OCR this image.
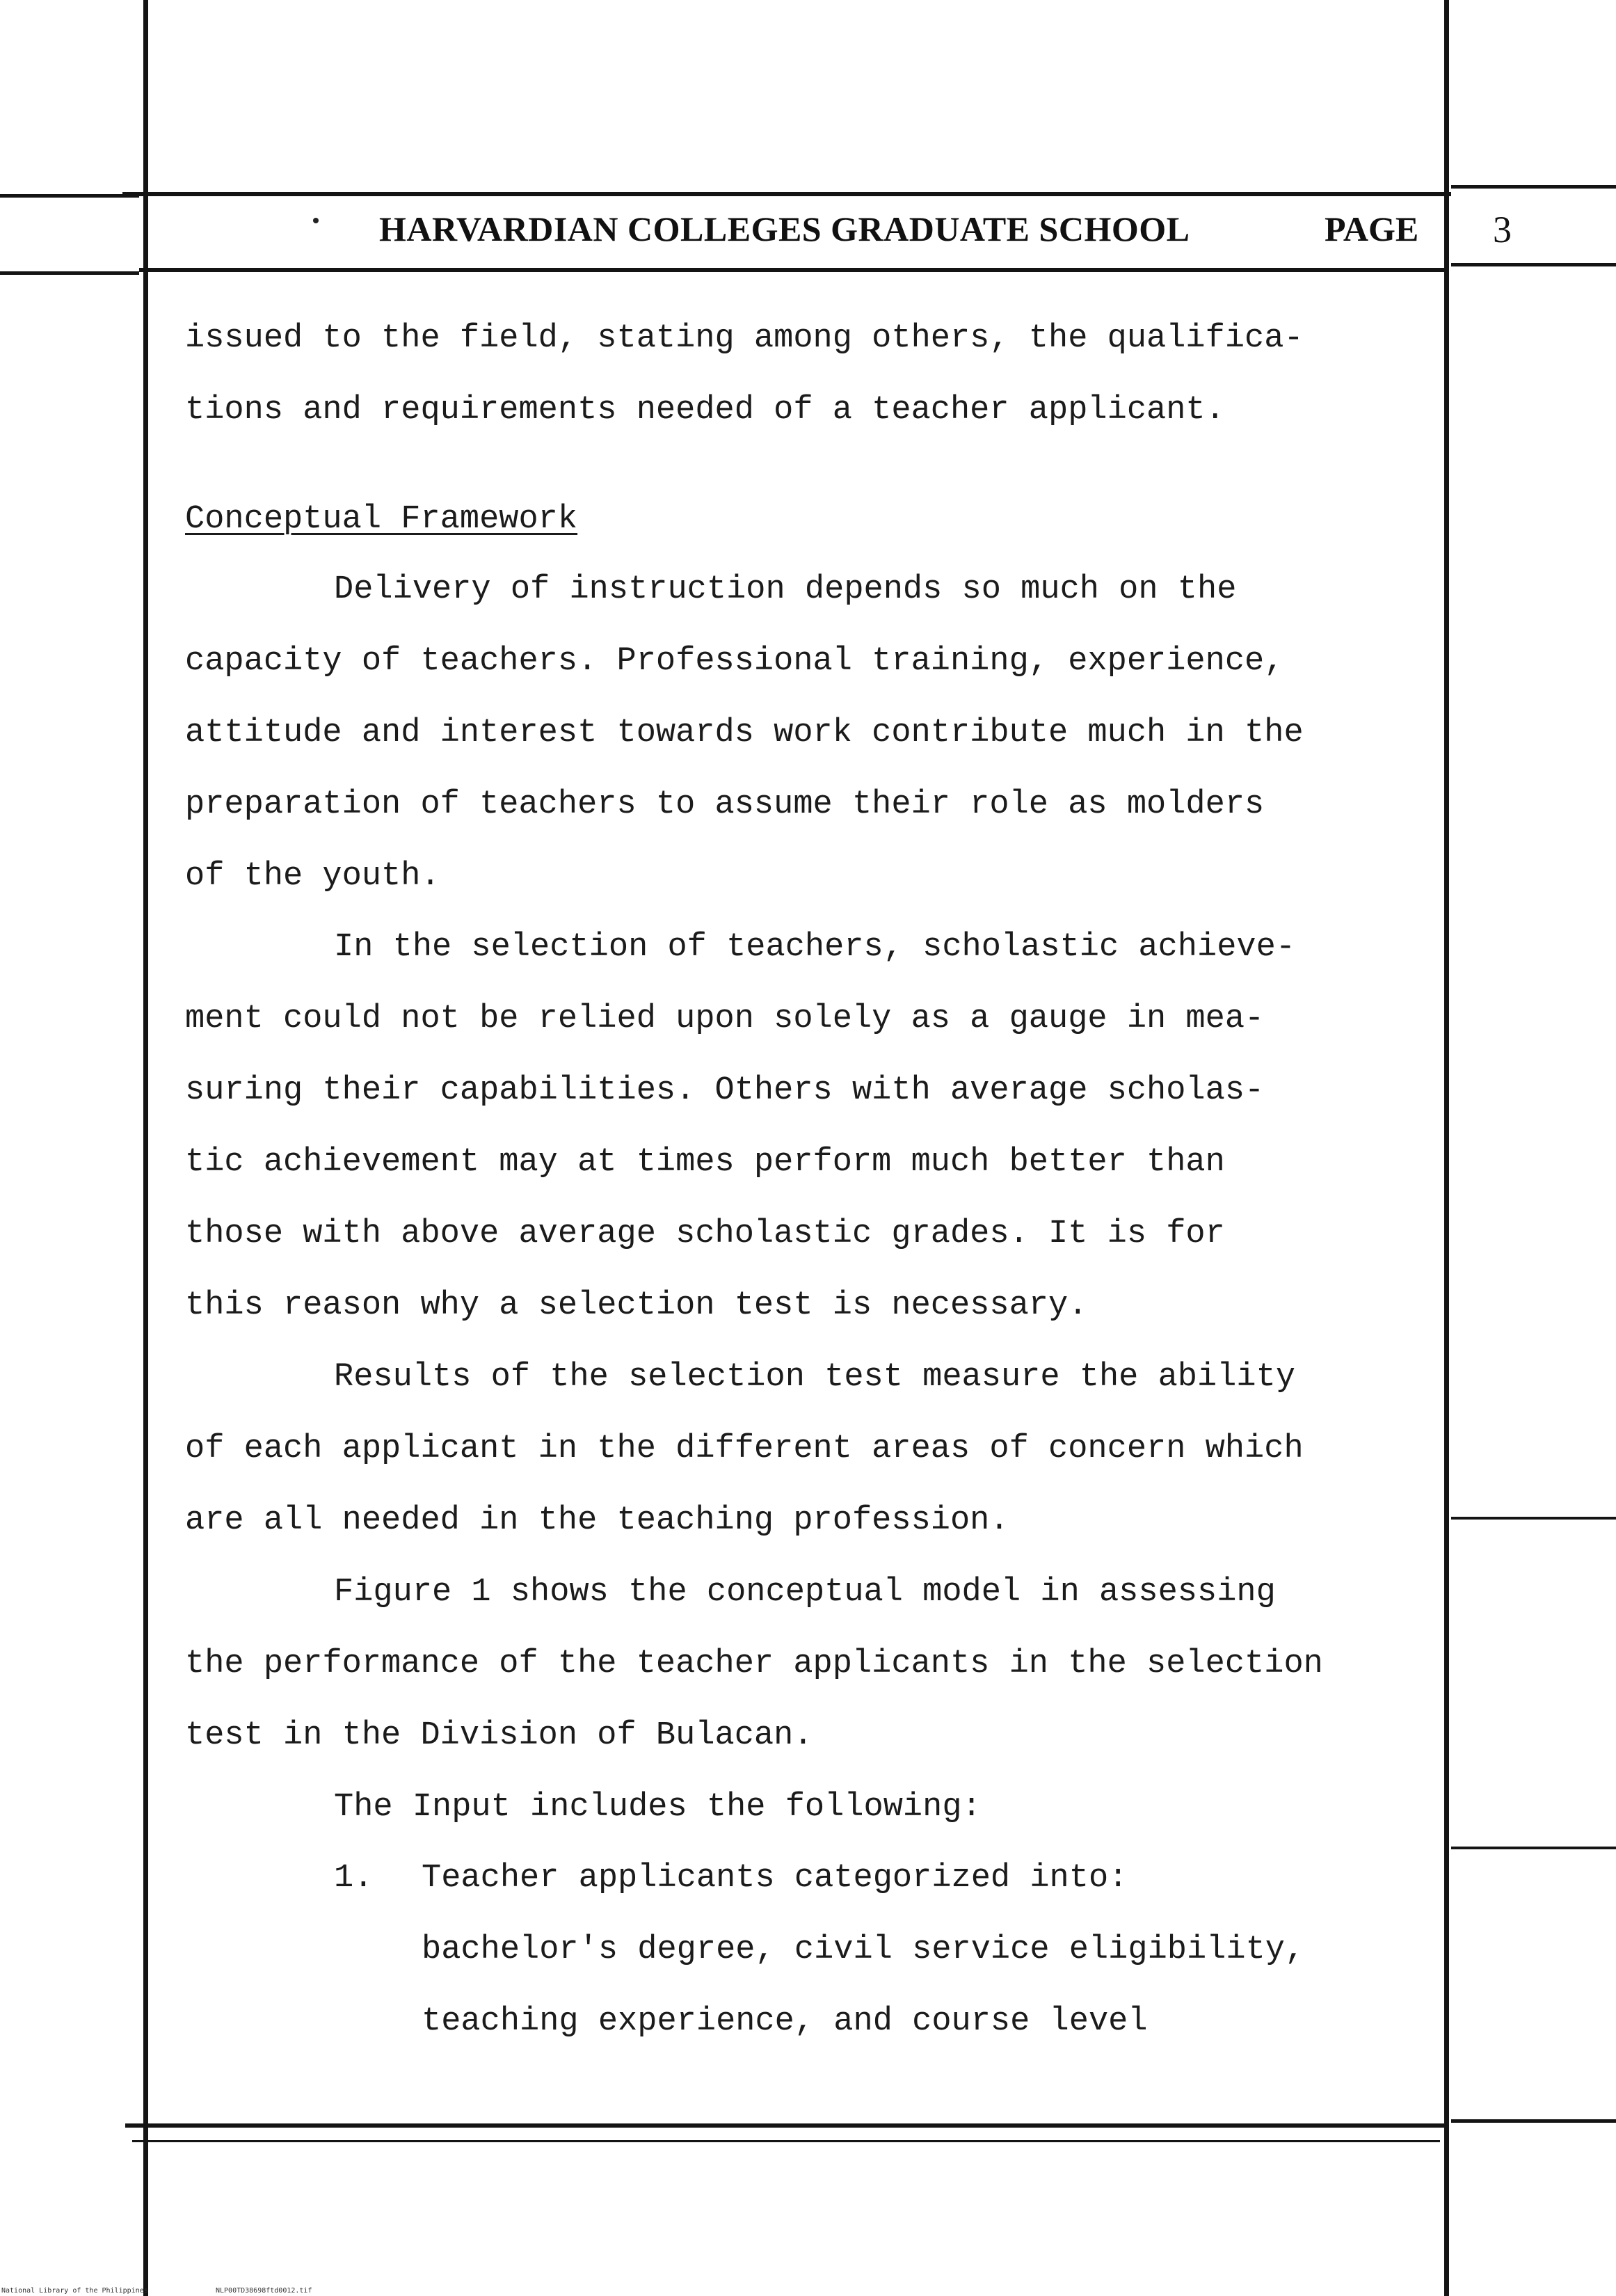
HARVARDIAN COLLEGES GRADUATE SCHOOL	PAGE 3
issued to the field, stating among others, the qualifica-
tions and requirements needed of a teacher applicant.
Conceptual Framework
Delivery of instruction depends so much on the
capacity of teachers. Professional training, experience,
attitude and interest towards work contribute much in the
preparation of teachers to assume their role as molders
of the youth.
In the selection of teachers, scholastic achieve-
ment could not be relied upon solely as a gauge in mea-
suring their capabilities. Others with average scholas-
tic achievement may at times perform much better than
those with above average scholastic grades. It is for
this reason why a selection test is necessary.
Results of the selection test measure the ability
of each applicant in the different areas of concern which
are all needed in the teaching profession.
Figure 1 shows the conceptual model in assessing
the performance of the teacher applicants in the selection
test in the Division of Bulacan.
The Input includes the following:
1.	Teacher applicants categorized into:
bachelor's degree, civil service eligibility,
teaching experience, and course level
National Library of the Philippines	NLP00TD38698ftd0012.tif
